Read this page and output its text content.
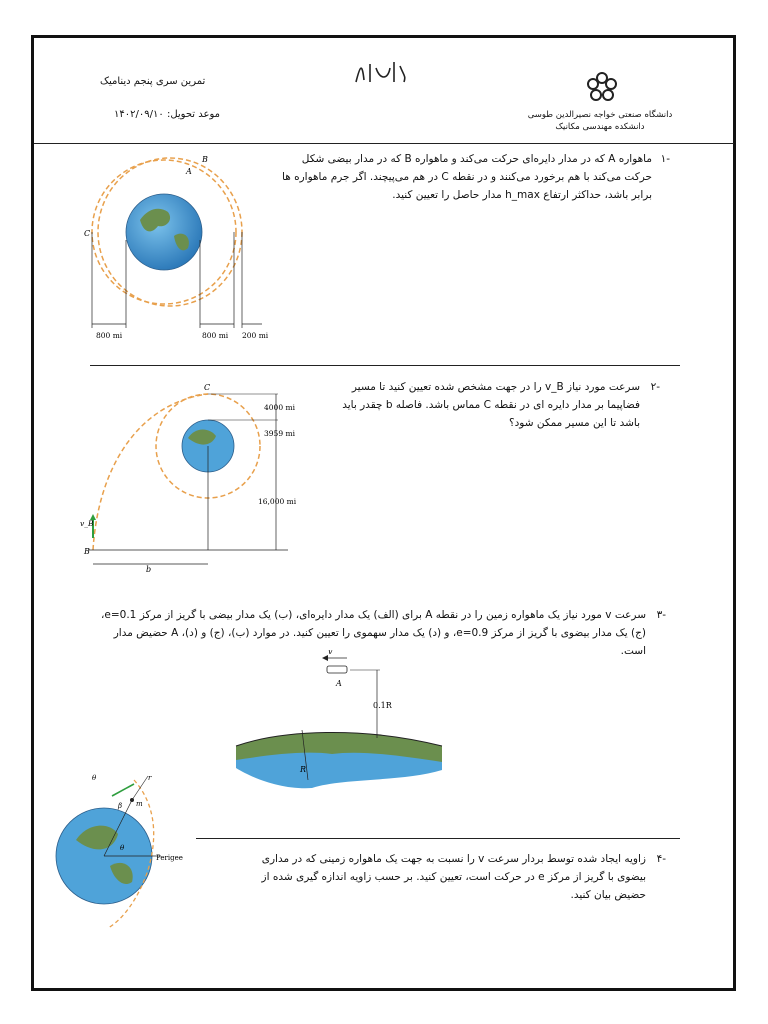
تمرین سری پنجم دینامیک
موعد تحویل: ۱۴۰۲/۰۹/۱۰	دانشگاه صنعتی خواجه نصیرالدین طوسی
دانشکده مهندسی مکانیک
ماهواره A که در مدار دایره‌ای حرکت می‌کند و ماهواره B که در مدار بیضی شکل حرکت می‌کند با هم برخورد می‌کنند و در نقطه C در هم می‌پیچند. اگر جرم ماهواره ها برابر باشد، حداکثر ارتفاع h_max مدار حاصل را تعیین کنید.
-۱
B
A
C
800 mi	800 mi 200 mi
سرعت مورد نیاز v_B را در جهت مشخص شده تعیین کنید تا مسیر فضاپیما بر مدار دایره ای در نقطه C مماس باشد. فاصله b چقدر باید باشد تا این مسیر ممکن شود؟
-۲
C
B
v_B
b
4000 mi
3959 mi
16,000 mi
سرعت v مورد نیاز یک ماهواره زمین را در نقطه A برای (الف) یک مدار دایره‌ای، (ب) یک مدار بیضی با گریز از مرکز e=0.1، (ج) یک مدار بیضوی با گریز از مرکز e=0.9، و (د) یک مدار سهموی را تعیین کنید. در موارد (ب)، (ج) و (د)، A حضیض مدار است.
-۳
v
A
0.1R
R
زاویه ایجاد شده توسط بردار سرعت v را نسبت به جهت یک ماهواره زمینی که در مداری بیضوی با گریز از مرکز e در حرکت است، تعیین کنید. بر حسب زاویه اندازه گیری شده از حضیض بیان کنید.
-۴
θ	r
β m
Perigee
θ
